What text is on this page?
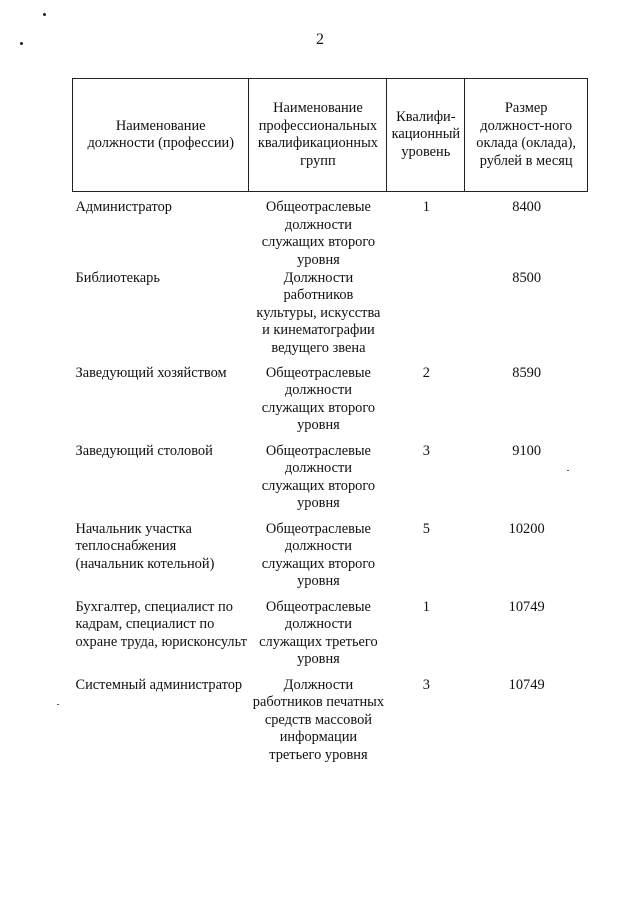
2
Наименование должности (профессии)	Наименование профессиональных квалификационных групп	Квалифи-кационный уровень	Размер должност-ного оклада (оклада), рублей в месяц
Администратор	Общеотраслевые должности служащих второго уровня	1	8400
Библиотекарь	Должности работников культуры, искусства и кинематографии ведущего звена		8500
Заведующий хозяйством	Общеотраслевые должности служащих второго уровня	2	8590
Заведующий столовой	Общеотраслевые должности служащих второго уровня	3	9100
Начальник участка теплоснабжения (начальник котельной)	Общеотраслевые должности служащих второго уровня	5	10200
Бухгалтер, специалист по кадрам, специалист по охране труда, юрисконсульт	Общеотраслевые должности служащих третьего уровня	1	10749
Системный администратор	Должности работников печатных средств массовой информации третьего уровня	3	10749
